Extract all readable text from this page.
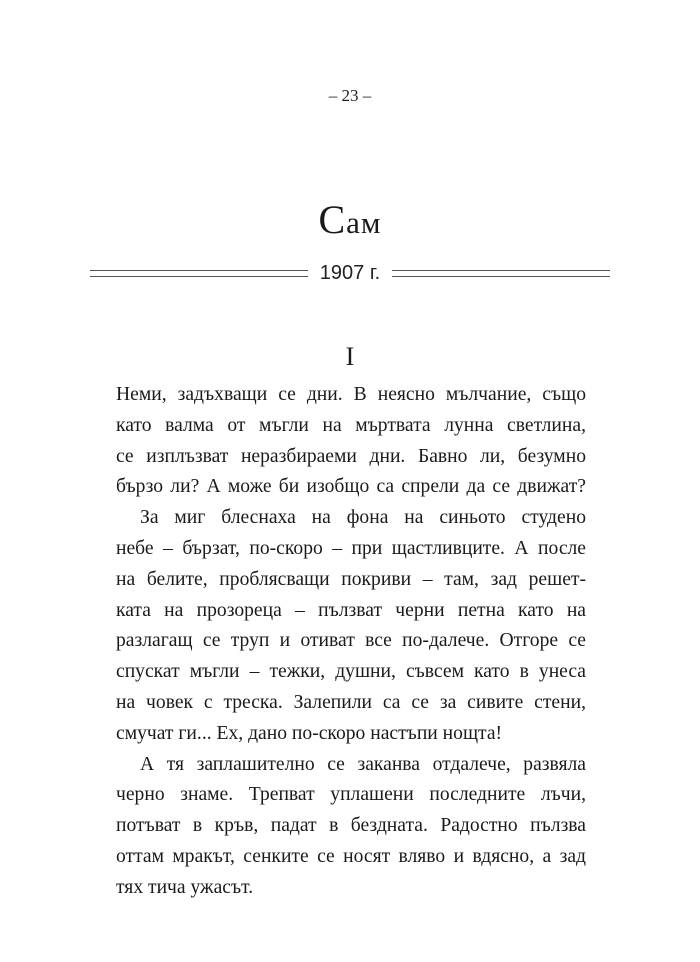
– 23 –
Сам
1907 г.
I

Неми, задъхващи се дни. В неясно мълчание, също
като валма от мъгли на мъртвата лунна светлина,
се изплъзват неразбираеми дни. Бавно ли, безумно
бързо ли? А може би изобщо са спрели да се движат?

За миг блеснаха на фона на синьото студено
небе – бързат, по-скоро – при щастливците. А после
на белите, проблясващи покриви – там, зад решет-
ката на прозореца – пълзват черни петна като на
разлагащ се труп и отиват все по-далече. Отгоре се
спускат мъгли – тежки, душни, съвсем като в унеса
на човек с треска. Залепили са се за сивите стени,
смучат ги... Ех, дано по-скоро настъпи нощта!

А тя заплашително се заканва отдалече, развяла
черно знаме. Трепват уплашени последните лъчи,
потъват в кръв, падат в бездната. Радостно пълзва
оттам мракът, сенките се носят вляво и вдясно, а зад
тях тича ужасът.
